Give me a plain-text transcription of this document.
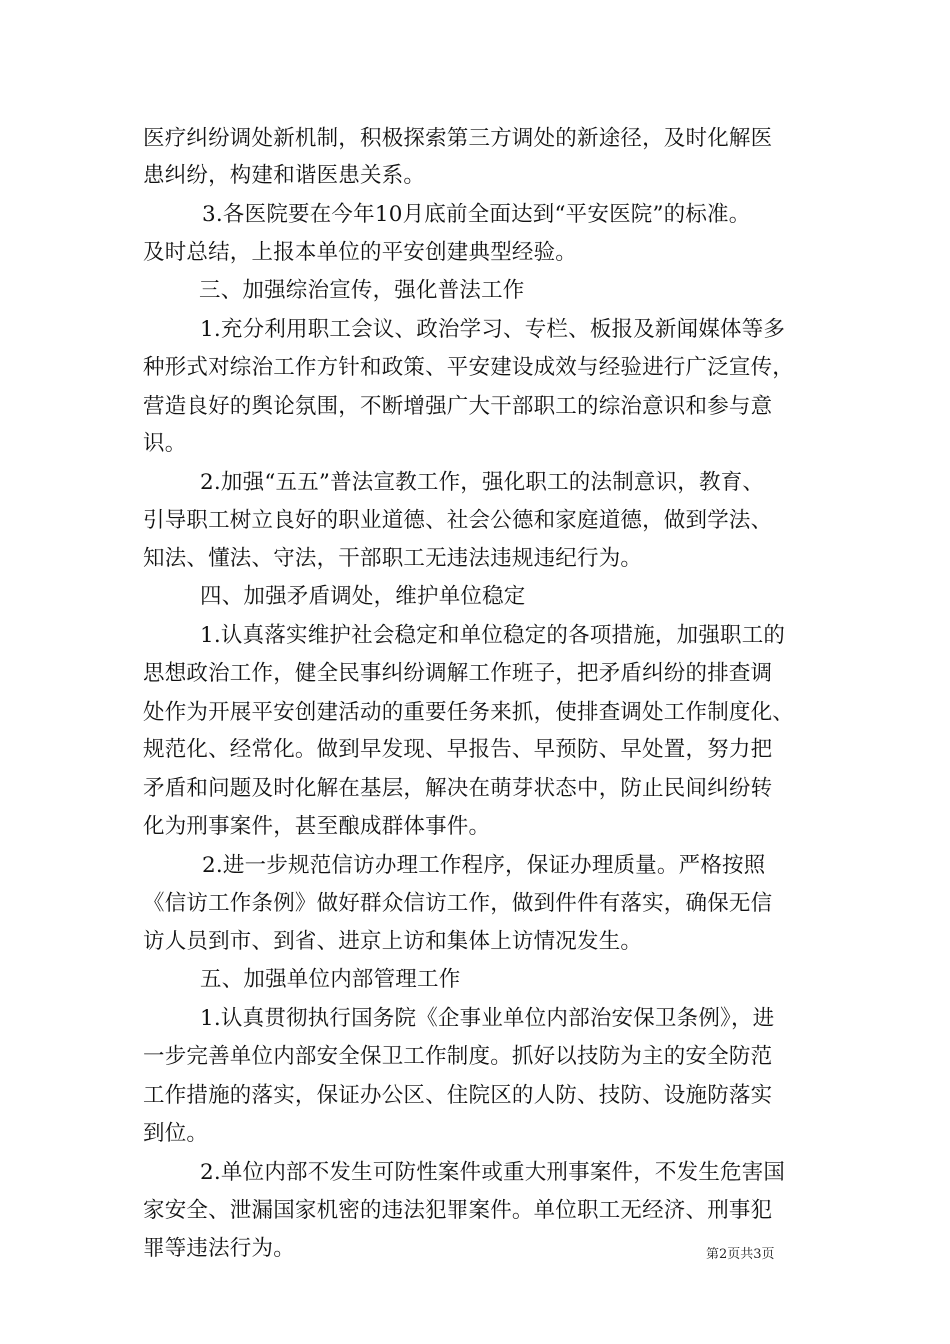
医疗纠纷调处新机制，积极探索第三方调处的新途径，及时化解医
患纠纷，构建和谐医患关系。
3.各医院要在今年10月底前全面达到“平安医院”的标准。
及时总结，上报本单位的平安创建典型经验。
三、加强综治宣传，强化普法工作
1.充分利用职工会议、政治学习、专栏、板报及新闻媒体等多
种形式对综治工作方针和政策、平安建设成效与经验进行广泛宣传，
营造良好的舆论氛围，不断增强广大干部职工的综治意识和参与意
识。
2.加强“五五”普法宣教工作，强化职工的法制意识，教育、
引导职工树立良好的职业道德、社会公德和家庭道德，做到学法、
知法、懂法、守法，干部职工无违法违规违纪行为。
四、加强矛盾调处，维护单位稳定
1.认真落实维护社会稳定和单位稳定的各项措施，加强职工的
思想政治工作，健全民事纠纷调解工作班子，把矛盾纠纷的排查调
处作为开展平安创建活动的重要任务来抓，使排查调处工作制度化、
规范化、经常化。做到早发现、早报告、早预防、早处置，努力把
矛盾和问题及时化解在基层，解决在萌芽状态中，防止民间纠纷转
化为刑事案件，甚至酿成群体事件。
2.进一步规范信访办理工作程序，保证办理质量。严格按照
《信访工作条例》做好群众信访工作，做到件件有落实，确保无信
访人员到市、到省、进京上访和集体上访情况发生。
五、加强单位内部管理工作
1.认真贯彻执行国务院《企事业单位内部治安保卫条例》，进
一步完善单位内部安全保卫工作制度。抓好以技防为主的安全防范
工作措施的落实，保证办公区、住院区的人防、技防、设施防落实
到位。
2.单位内部不发生可防性案件或重大刑事案件，不发生危害国
家安全、泄漏国家机密的违法犯罪案件。单位职工无经济、刑事犯
罪等违法行为。	第2页共3页
